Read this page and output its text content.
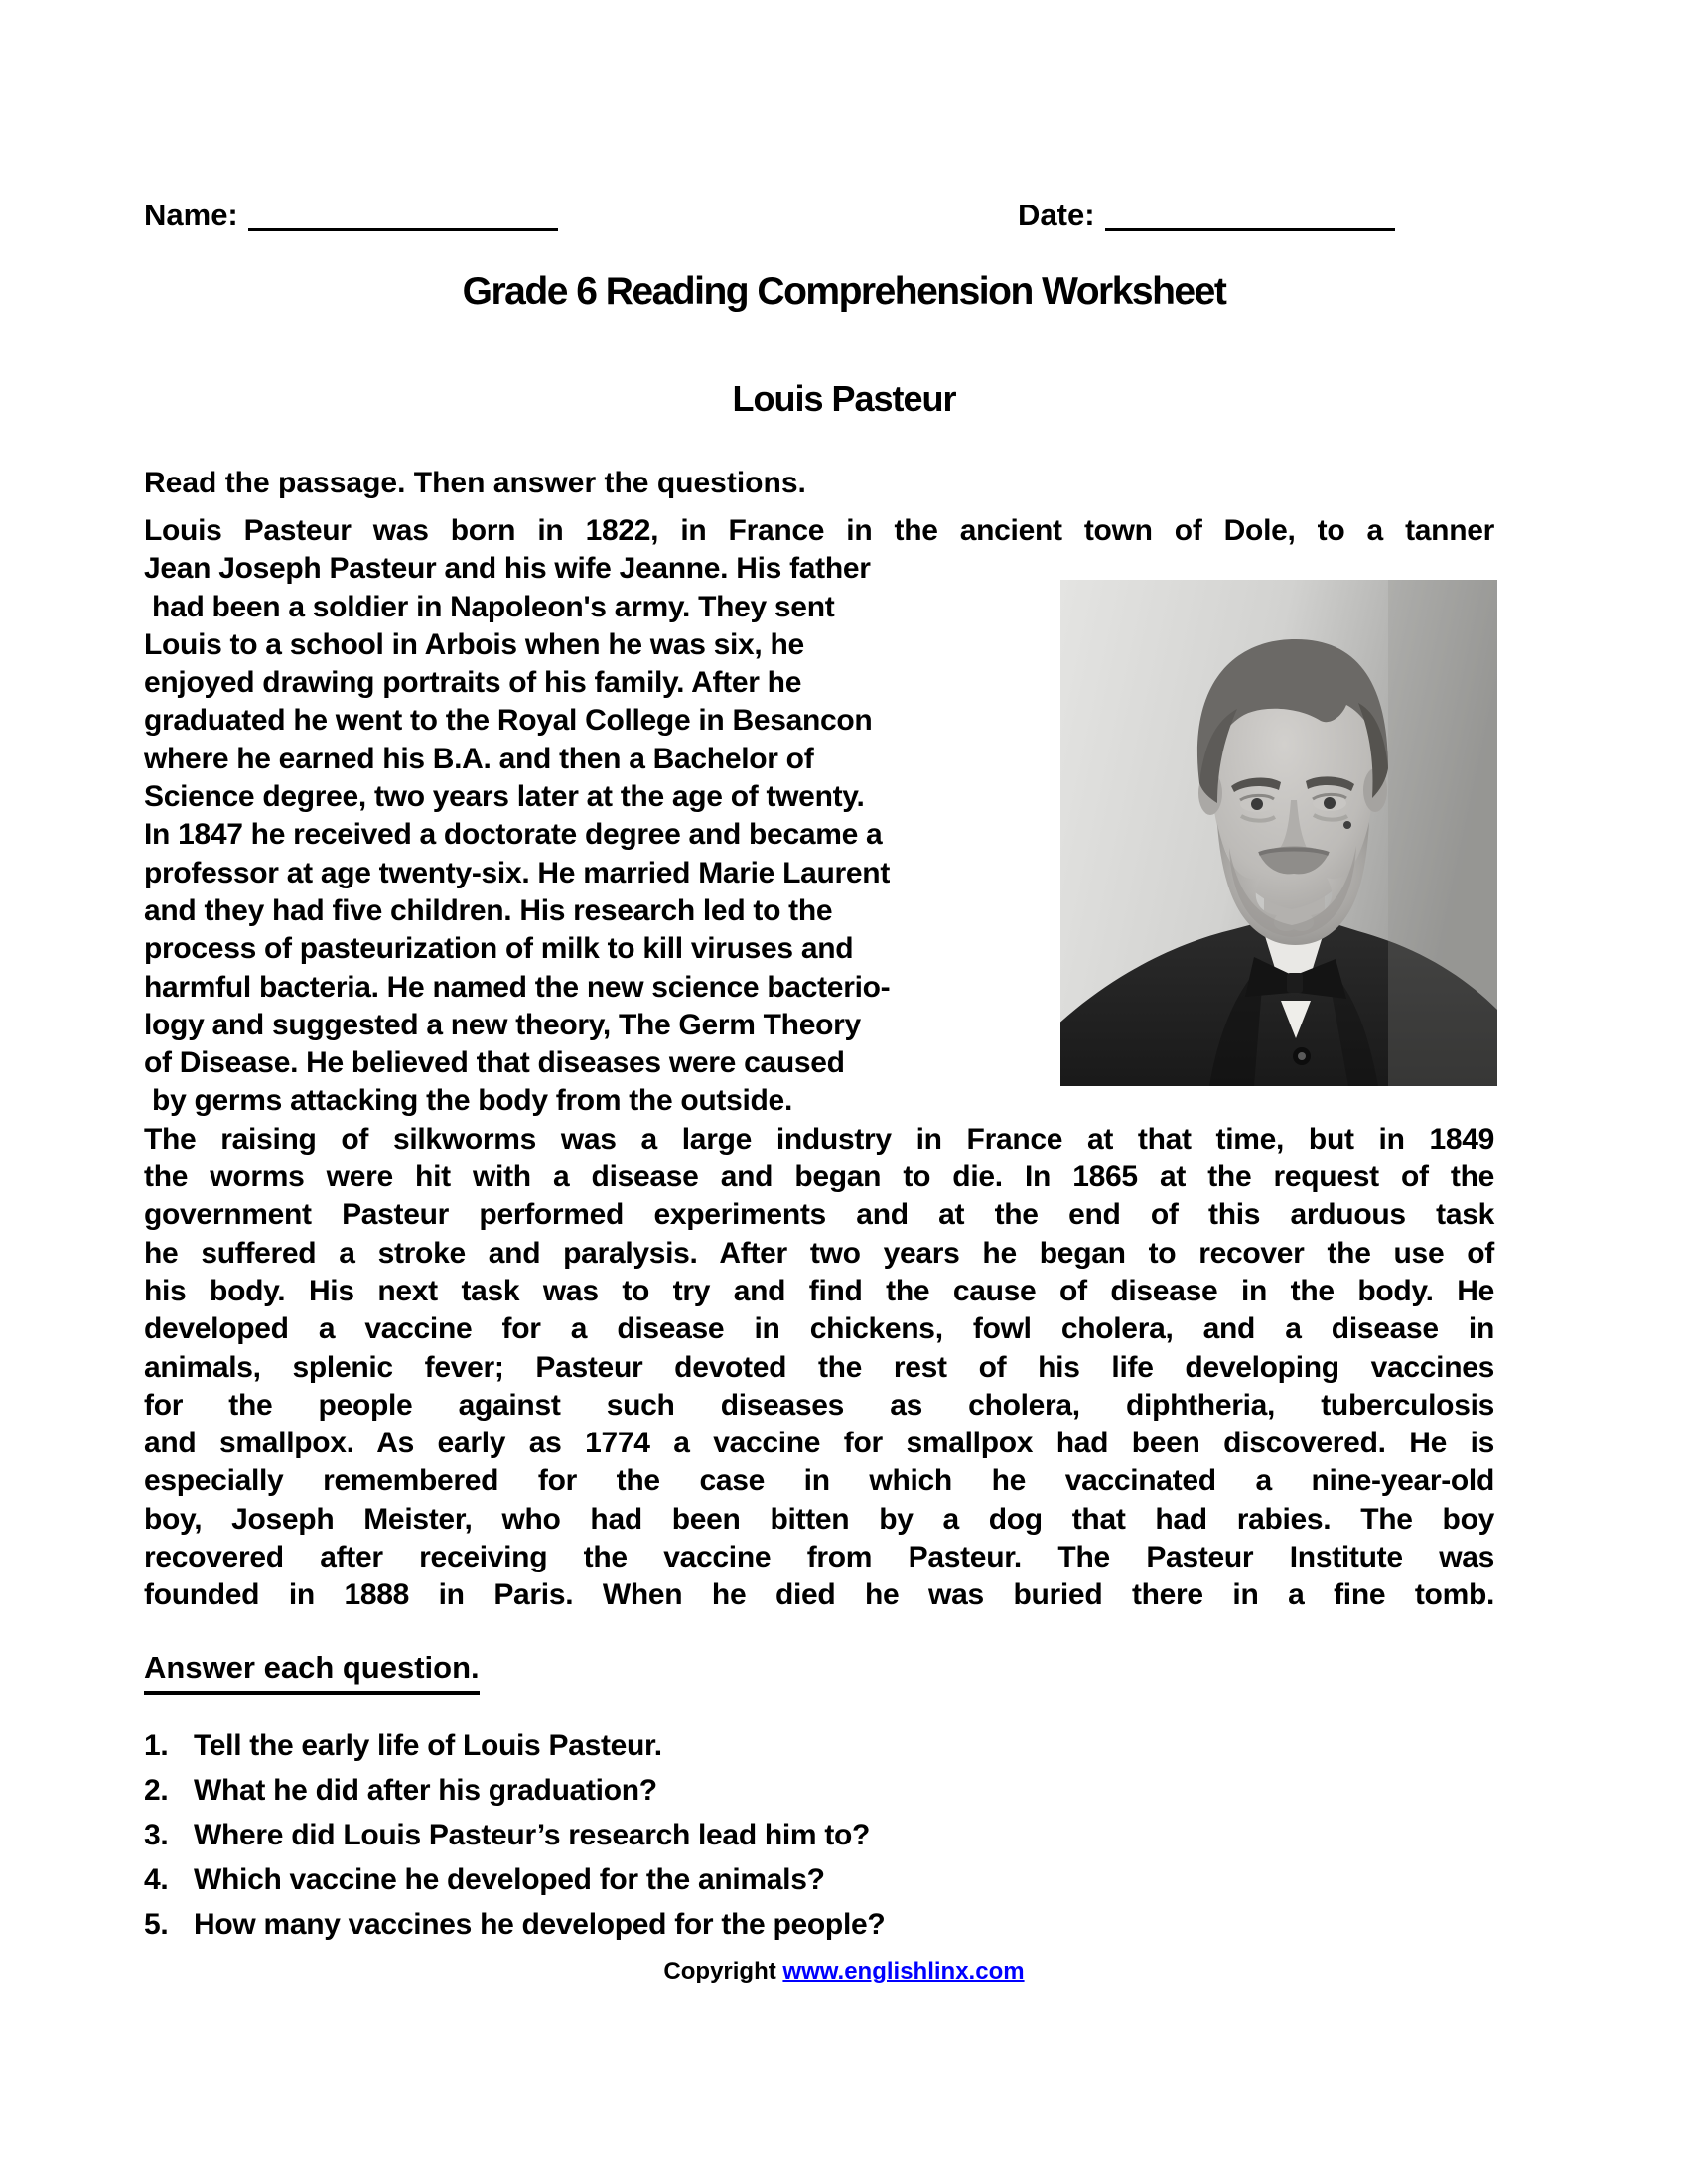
Name:	Date:
Grade 6 Reading Comprehension Worksheet
Louis Pasteur
Read the passage. Then answer the questions.
Louis Pasteur was born in 1822, in France in the ancient town of Dole, to a tanner
Jean Joseph Pasteur and his wife Jeanne. His father
had been a soldier in Napoleon's army. They sent
Louis to a school in Arbois when he was six, he
enjoyed drawing portraits of his family. After he
graduated he went to the Royal College in Besancon
where he earned his B.A. and then a Bachelor of
Science degree, two years later at the age of twenty.
In 1847 he received a doctorate degree and became a
professor at age twenty-six. He married Marie Laurent
and they had five children. His research led to the
process of pasteurization of milk to kill viruses and
harmful bacteria. He named the new science bacterio-
logy and suggested a new theory, The Germ Theory
of Disease. He believed that diseases were caused
by germs attacking the body from the outside.
The raising of silkworms was a large industry in France at that time, but in 1849
the worms were hit with a disease and began to die. In 1865 at the request of the
government Pasteur performed experiments and at the end of this arduous task
he suffered a stroke and paralysis. After two years he began to recover the use of
his body. His next task was to try and find the cause of disease in the body. He
developed a vaccine for a disease in chickens, fowl cholera, and a disease in
animals, splenic fever; Pasteur devoted the rest of his life developing vaccines
for the people against such diseases as cholera, diphtheria, tuberculosis
and smallpox. As early as 1774 a vaccine for smallpox had been discovered. He is
especially remembered for the case in which he vaccinated a nine-year-old
boy, Joseph Meister, who had been bitten by a dog that had rabies. The boy
recovered after receiving the vaccine from Pasteur. The Pasteur Institute was
founded in 1888 in Paris. When he died he was buried there in a fine tomb.
Answer each question.
1. Tell the early life of Louis Pasteur.
2. What he did after his graduation?
3. Where did Louis Pasteur’s research lead him to?
4. Which vaccine he developed for the animals?
5. How many vaccines he developed for the people?
Copyright www.englishlinx.com
